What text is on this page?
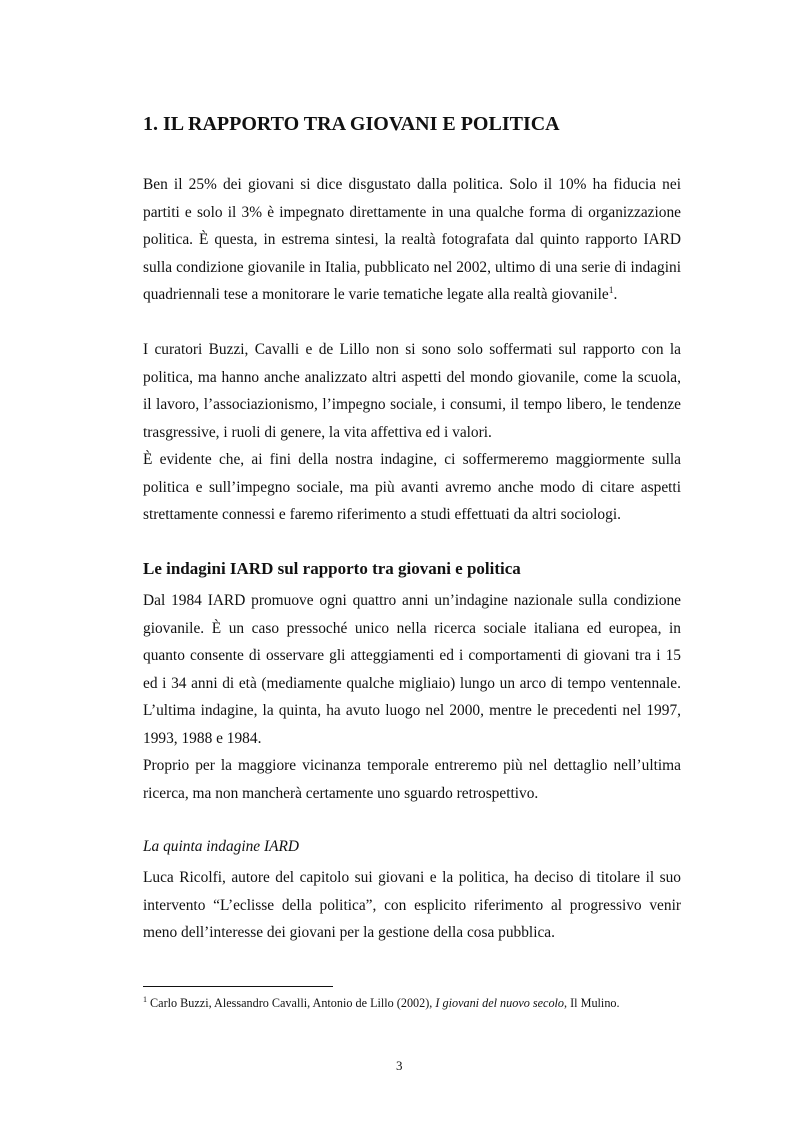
1. IL RAPPORTO TRA GIOVANI E POLITICA

Ben il 25% dei giovani si dice disgustato dalla politica. Solo il 10% ha fiducia nei partiti e solo il 3% è impegnato direttamente in una qualche forma di organizzazione politica. È questa, in estrema sintesi, la realtà fotografata dal quinto rapporto IARD sulla condizione giovanile in Italia, pubblicato nel 2002, ultimo di una serie di indagini quadriennali tese a monitorare le varie tematiche legate alla realtà giovanile$^1$.

I curatori Buzzi, Cavalli e de Lillo non si sono solo soffermati sul rapporto con la politica, ma hanno anche analizzato altri aspetti del mondo giovanile, come la scuola, il lavoro, l’associazionismo, l’impegno sociale, i consumi, il tempo libero, le tendenze trasgressive, i ruoli di genere, la vita affettiva ed i valori.

È evidente che, ai fini della nostra indagine, ci soffermeremo maggiormente sulla politica e sull’impegno sociale, ma più avanti avremo anche modo di citare aspetti strettamente connessi e faremo riferimento a studi effettuati da altri sociologi.

Le indagini IARD sul rapporto tra giovani e politica

Dal 1984 IARD promuove ogni quattro anni un’indagine nazionale sulla condizione giovanile. È un caso pressoché unico nella ricerca sociale italiana ed europea, in quanto consente di osservare gli atteggiamenti ed i comportamenti di giovani tra i 15 ed i 34 anni di età (mediamente qualche migliaio) lungo un arco di tempo ventennale. L’ultima indagine, la quinta, ha avuto luogo nel 2000, mentre le precedenti nel 1997, 1993, 1988 e 1984.

Proprio per la maggiore vicinanza temporale entreremo più nel dettaglio nell’ultima ricerca, ma non mancherà certamente uno sguardo retrospettivo.

La quinta indagine IARD

Luca Ricolfi, autore del capitolo sui giovani e la politica, ha deciso di titolare il suo intervento “L’eclisse della politica”, con esplicito riferimento al progressivo venir meno dell’interesse dei giovani per la gestione della cosa pubblica.

$^1$ Carlo Buzzi, Alessandro Cavalli, Antonio de Lillo (2002), I giovani del nuovo secolo, Il Mulino.
3
